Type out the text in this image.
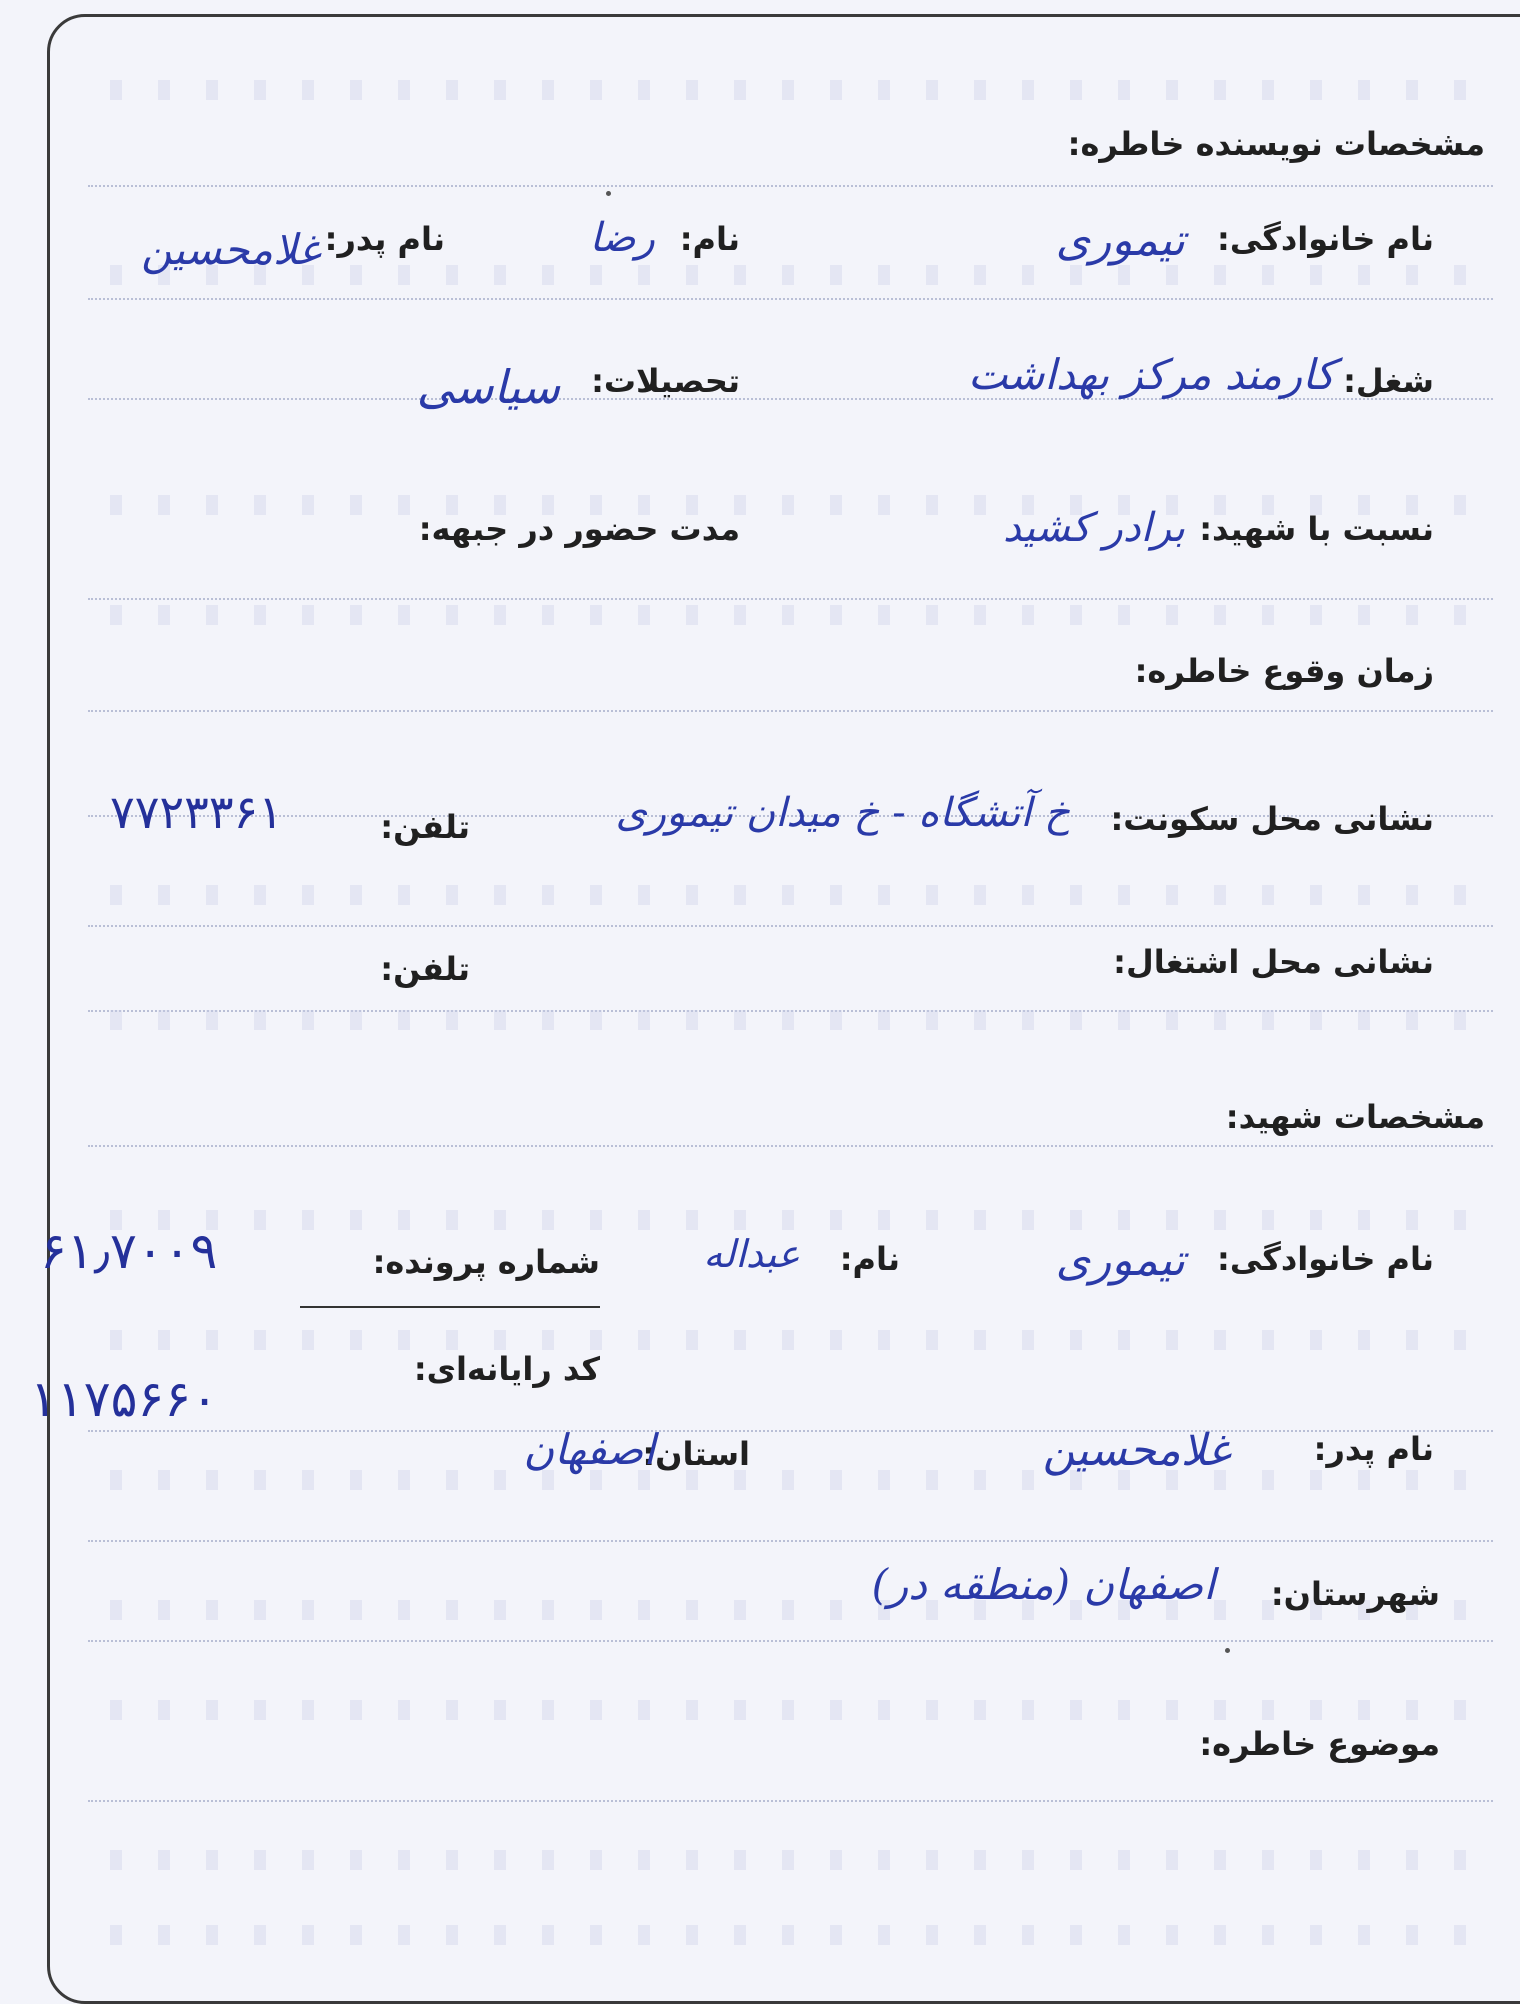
مشخصات نویسنده خاطره:
نام خانوادگی:
تیموری
نام:
رضا
نام پدر:
غلامحسین
شغل:
کارمند مرکز بهداشت
تحصیلات:
سیاسی
نسبت با شهید:
برادر کشید
مدت حضور در جبهه:
زمان وقوع خاطره:
نشانی محل سکونت:
خ آتشگاه - خ میدان تیموری
تلفن:
۷۷۲۳۳۶۱
نشانی محل اشتغال:
تلفن:
مشخصات شهید:
نام خانوادگی:
تیموری
نام:
عبداله
شماره پرونده:
۶۱٫۷۰۰۹
کد رایانه‌ای:
۱۱۷۵۶۶۰
نام پدر:
غلامحسین
استان:
اصفهان
شهرستان:
اصفهان (منطقه در)
موضوع خاطره:
